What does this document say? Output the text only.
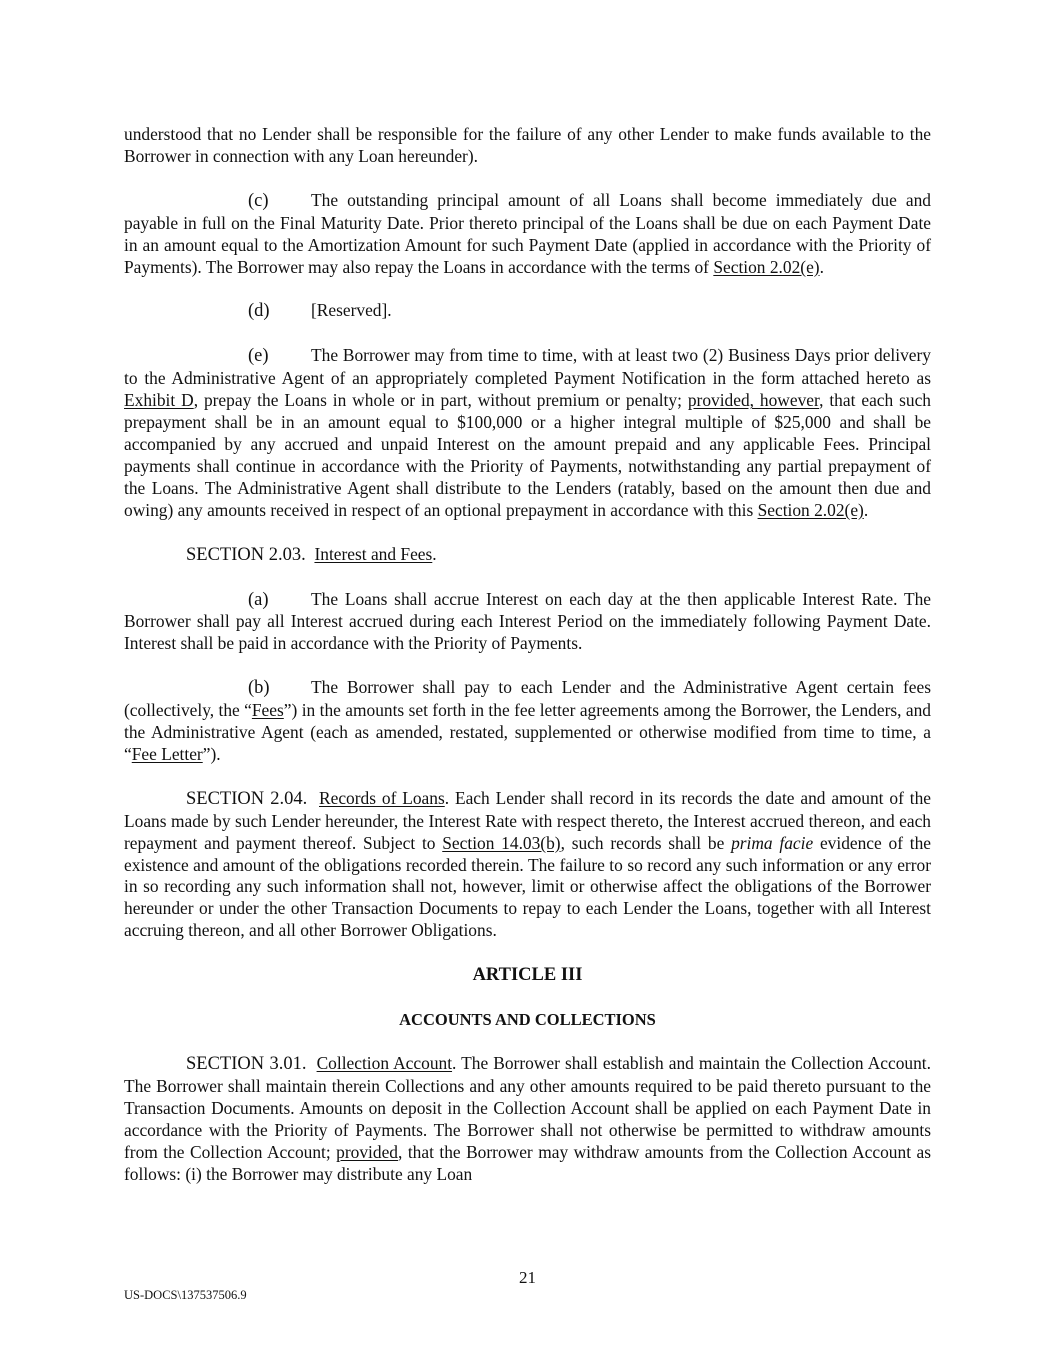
understood that no Lender shall be responsible for the failure of any other Lender to make funds available to the Borrower in connection with any Loan hereunder).

(c) The outstanding principal amount of all Loans shall become immediately due and payable in full on the Final Maturity Date. Prior thereto principal of the Loans shall be due on each Payment Date in an amount equal to the Amortization Amount for such Payment Date (applied in accordance with the Priority of Payments). The Borrower may also repay the Loans in accordance with the terms of Section 2.02(e).

(d) [Reserved].

(e) The Borrower may from time to time, with at least two (2) Business Days prior delivery to the Administrative Agent of an appropriately completed Payment Notification in the form attached hereto as Exhibit D, prepay the Loans in whole or in part, without premium or penalty; provided, however, that each such prepayment shall be in an amount equal to $100,000 or a higher integral multiple of $25,000 and shall be accompanied by any accrued and unpaid Interest on the amount prepaid and any applicable Fees. Principal payments shall continue in accordance with the Priority of Payments, notwithstanding any partial prepayment of the Loans. The Administrative Agent shall distribute to the Lenders (ratably, based on the amount then due and owing) any amounts received in respect of an optional prepayment in accordance with this Section 2.02(e).

SECTION 2.03. Interest and Fees.

(a) The Loans shall accrue Interest on each day at the then applicable Interest Rate. The Borrower shall pay all Interest accrued during each Interest Period on the immediately following Payment Date. Interest shall be paid in accordance with the Priority of Payments.

(b) The Borrower shall pay to each Lender and the Administrative Agent certain fees (collectively, the “Fees”) in the amounts set forth in the fee letter agreements among the Borrower, the Lenders, and the Administrative Agent (each as amended, restated, supplemented or otherwise modified from time to time, a “Fee Letter”).

SECTION 2.04. Records of Loans. Each Lender shall record in its records the date and amount of the Loans made by such Lender hereunder, the Interest Rate with respect thereto, the Interest accrued thereon, and each repayment and payment thereof. Subject to Section 14.03(b), such records shall be prima facie evidence of the existence and amount of the obligations recorded therein. The failure to so record any such information or any error in so recording any such information shall not, however, limit or otherwise affect the obligations of the Borrower hereunder or under the other Transaction Documents to repay to each Lender the Loans, together with all Interest accruing thereon, and all other Borrower Obligations.

ARTICLE III

ACCOUNTS AND COLLECTIONS

SECTION 3.01. Collection Account. The Borrower shall establish and maintain the Collection Account. The Borrower shall maintain therein Collections and any other amounts required to be paid thereto pursuant to the Transaction Documents. Amounts on deposit in the Collection Account shall be applied on each Payment Date in accordance with the Priority of Payments. The Borrower shall not otherwise be permitted to withdraw amounts from the Collection Account; provided, that the Borrower may withdraw amounts from the Collection Account as follows: (i) the Borrower may distribute any Loan

21
US-DOCS\137537506.9
